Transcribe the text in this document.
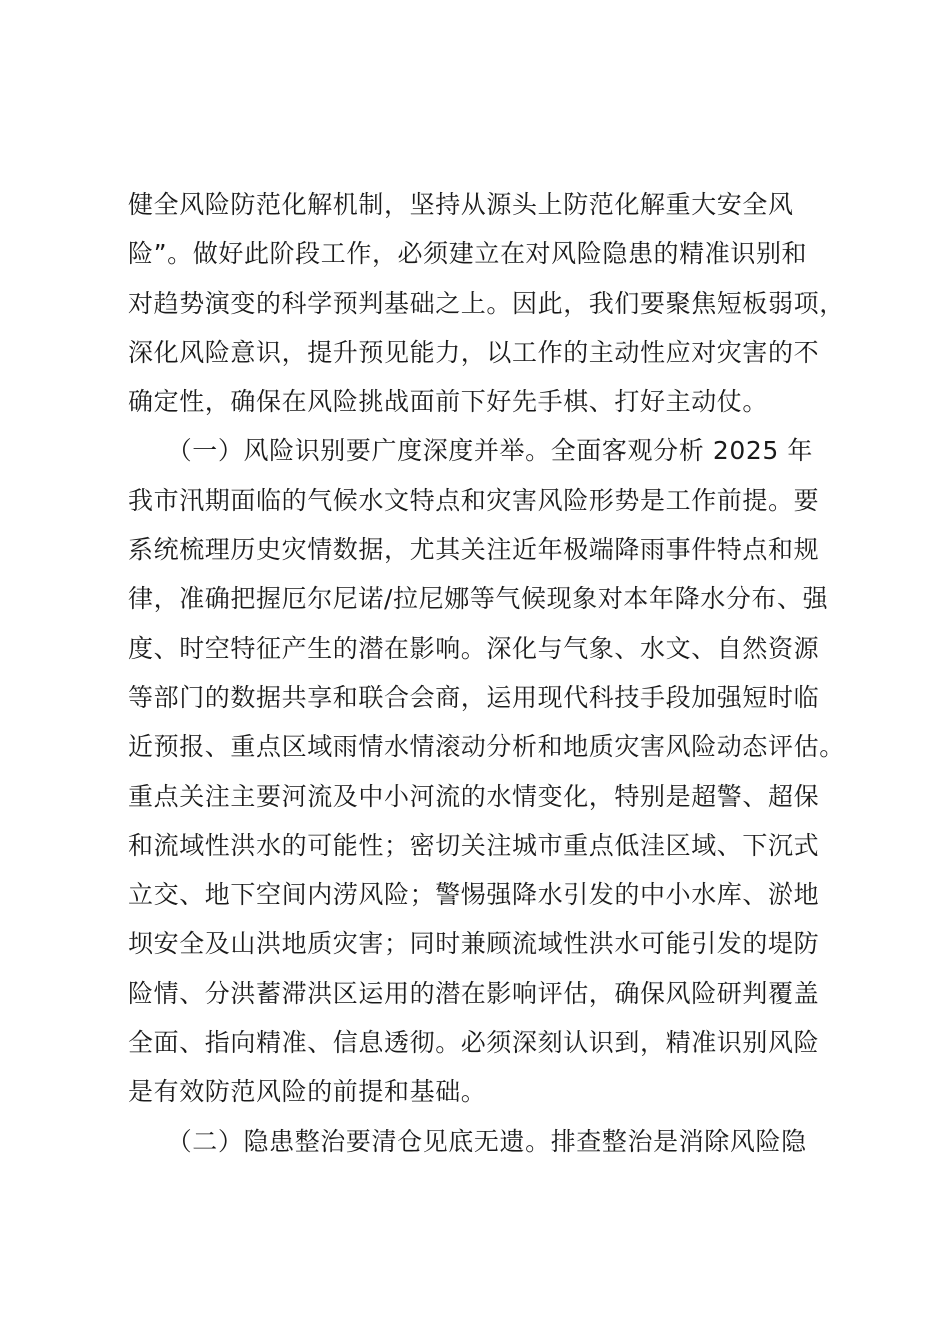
健全风险防范化解机制，坚持从源头上防范化解重大安全风
险”。做好此阶段工作，必须建立在对风险隐患的精准识别和
对趋势演变的科学预判基础之上。因此，我们要聚焦短板弱项，
深化风险意识，提升预见能力，以工作的主动性应对灾害的不
确定性，确保在风险挑战面前下好先手棋、打好主动仗。
　　（一）风险识别要广度深度并举。全面客观分析 2025 年
我市汛期面临的气候水文特点和灾害风险形势是工作前提。要
系统梳理历史灾情数据，尤其关注近年极端降雨事件特点和规
律，准确把握厄尔尼诺/拉尼娜等气候现象对本年降水分布、强
度、时空特征产生的潜在影响。深化与气象、水文、自然资源
等部门的数据共享和联合会商，运用现代科技手段加强短时临
近预报、重点区域雨情水情滚动分析和地质灾害风险动态评估。
重点关注主要河流及中小河流的水情变化，特别是超警、超保
和流域性洪水的可能性；密切关注城市重点低洼区域、下沉式
立交、地下空间内涝风险；警惕强降水引发的中小水库、淤地
坝安全及山洪地质灾害；同时兼顾流域性洪水可能引发的堤防
险情、分洪蓄滞洪区运用的潜在影响评估，确保风险研判覆盖
全面、指向精准、信息透彻。必须深刻认识到，精准识别风险
是有效防范风险的前提和基础。
　　（二）隐患整治要清仓见底无遗。排查整治是消除风险隐
